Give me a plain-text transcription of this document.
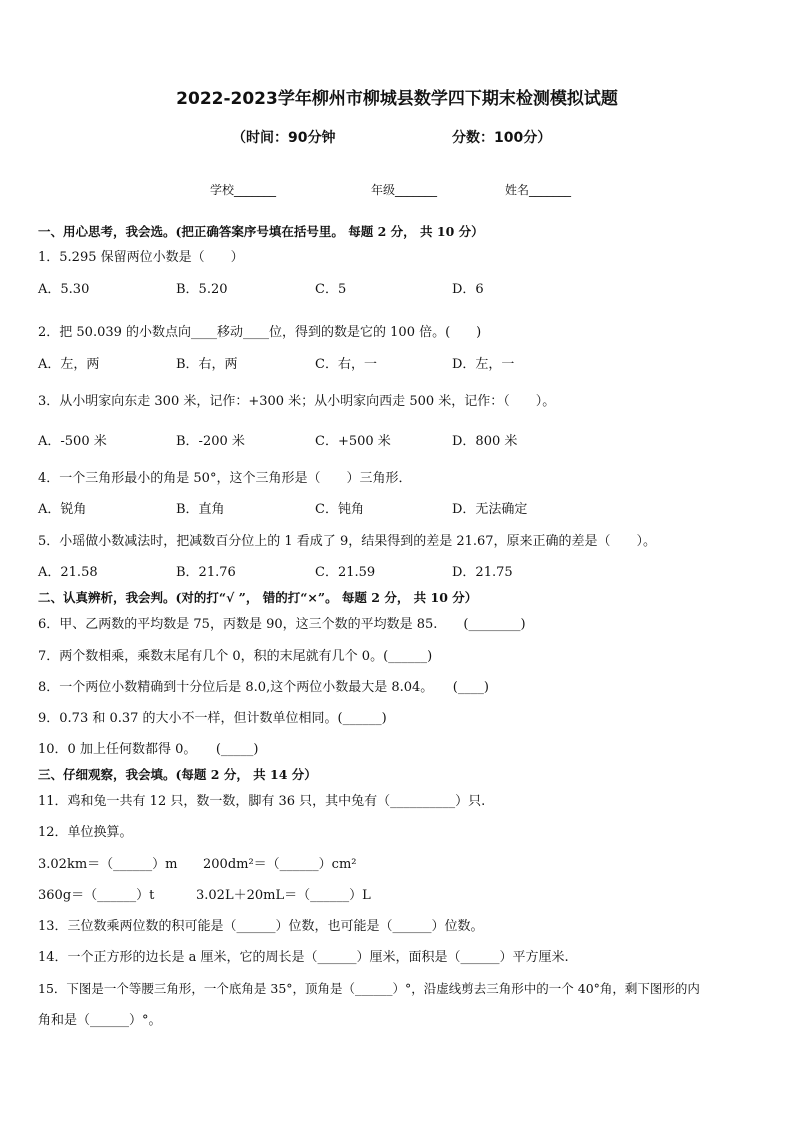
2022-2023学年柳州市柳城县数学四下期末检测模拟试题
（时间：90分钟	分数：100分）
学校_______	年级_______	姓名_______
一、用心思考，我会选。(把正确答案序号填在括号里。 每题 2 分， 共 10 分）
1．5.295 保留两位小数是（　　）
A．5.30	B．5.20	C．5	D．6
2．把 50.039 的小数点向____移动____位，得到的数是它的 100 倍。(　　)
A．左，两	B．右，两	C．右，一	D．左，一
3．从小明家向东走 300 米，记作：+300 米；从小明家向西走 500 米，记作：（　　）。
A．-500 米	B．-200 米	C．+500 米	D．800 米
4．一个三角形最小的角是 50°，这个三角形是（　　）三角形．
A．锐角	B．直角	C．钝角	D．无法确定
5．小瑶做小数减法时，把减数百分位上的 1 看成了 9，结果得到的差是 21.67，原来正确的差是（　　）。
A．21.58	B．21.76	C．21.59	D．21.75
二、认真辨析，我会判。(对的打“√ ”， 错的打“×”。 每题 2 分， 共 10 分）
6．甲、乙两数的平均数是 75，丙数是 90，这三个数的平均数是 85.　　(________)
7．两个数相乘，乘数末尾有几个 0，积的末尾就有几个 0。(______)
8．一个两位小数精确到十分位后是 8.0,这个两位小数最大是 8.04。　　(____)
9．0.73 和 0.37 的大小不一样，但计数单位相同。(______)
10．0 加上任何数都得 0。　　(_____)
三、仔细观察，我会填。(每题 2 分， 共 14 分）
11．鸡和兔一共有 12 只，数一数，脚有 36 只，其中兔有（__________）只.
12．单位换算。
3.02km＝（______）m 200dm²＝（______）cm²
360g＝（______）t	3.02L＋20mL＝（______）L
13．三位数乘两位数的积可能是（______）位数，也可能是（______）位数。
14．一个正方形的边长是 a 厘米，它的周长是（______）厘米，面积是（______）平方厘米.
15．下图是一个等腰三角形，一个底角是 35°，顶角是（______）°，沿虚线剪去三角形中的一个 40°角，剩下图形的内
角和是（______）°。
